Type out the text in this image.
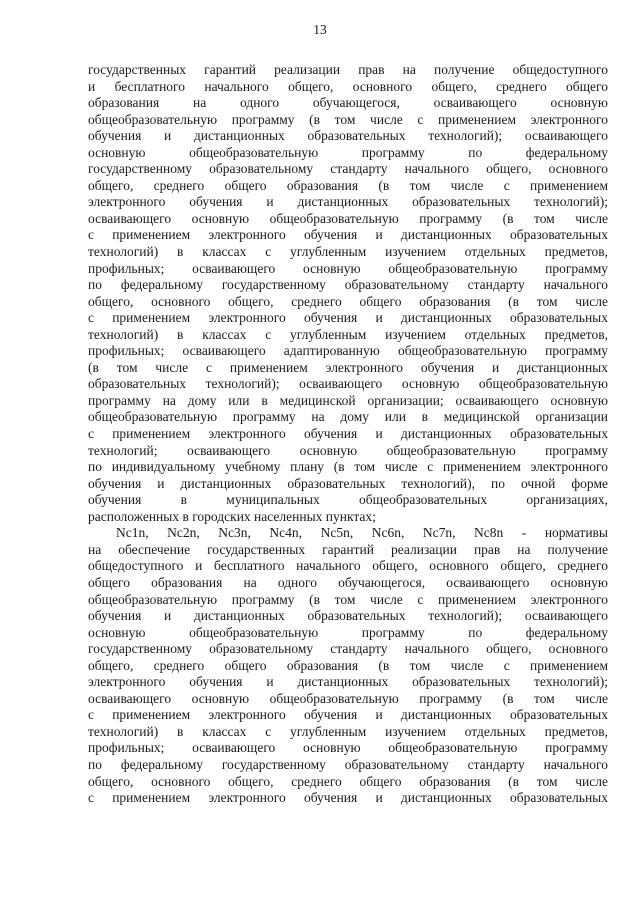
13
государственных гарантий реализации прав на получение общедоступного
и бесплатного начального общего, основного общего, среднего общего
образования на одного обучающегося, осваивающего основную
общеобразовательную программу (в том числе с применением электронного
обучения и дистанционных образовательных технологий); осваивающего
основную общеобразовательную программу по федеральному
государственному образовательному стандарту начального общего, основного
общего, среднего общего образования (в том числе с применением
электронного обучения и дистанционных образовательных технологий);
осваивающего основную общеобразовательную программу (в том числе
с применением электронного обучения и дистанционных образовательных
технологий) в классах с углубленным изучением отдельных предметов,
профильных; осваивающего основную общеобразовательную программу
по федеральному государственному образовательному стандарту начального
общего, основного общего, среднего общего образования (в том числе
с применением электронного обучения и дистанционных образовательных
технологий) в классах с углубленным изучением отдельных предметов,
профильных; осваивающего адаптированную общеобразовательную программу
(в том числе с применением электронного обучения и дистанционных
образовательных технологий); осваивающего основную общеобразовательную
программу на дому или в медицинской организации; осваивающего основную
общеобразовательную программу на дому или в медицинской организации
с применением электронного обучения и дистанционных образовательных
технологий; осваивающего основную общеобразовательную программу
по индивидуальному учебному плану (в том числе с применением электронного
обучения и дистанционных образовательных технологий), по очной форме
обучения в муниципальных общеобразовательных организациях,
расположенных в городских населенных пунктах;
Nc1n, Nc2n, Nc3n, Nc4n, Nc5n, Nc6n, Nc7n, Nc8n - нормативы
на обеспечение государственных гарантий реализации прав на получение
общедоступного и бесплатного начального общего, основного общего, среднего
общего образования на одного обучающегося, осваивающего основную
общеобразовательную программу (в том числе с применением электронного
обучения и дистанционных образовательных технологий); осваивающего
основную общеобразовательную программу по федеральному
государственному образовательному стандарту начального общего, основного
общего, среднего общего образования (в том числе с применением
электронного обучения и дистанционных образовательных технологий);
осваивающего основную общеобразовательную программу (в том числе
с применением электронного обучения и дистанционных образовательных
технологий) в классах с углубленным изучением отдельных предметов,
профильных; осваивающего основную общеобразовательную программу
по федеральному государственному образовательному стандарту начального
общего, основного общего, среднего общего образования (в том числе
с применением электронного обучения и дистанционных образовательных
